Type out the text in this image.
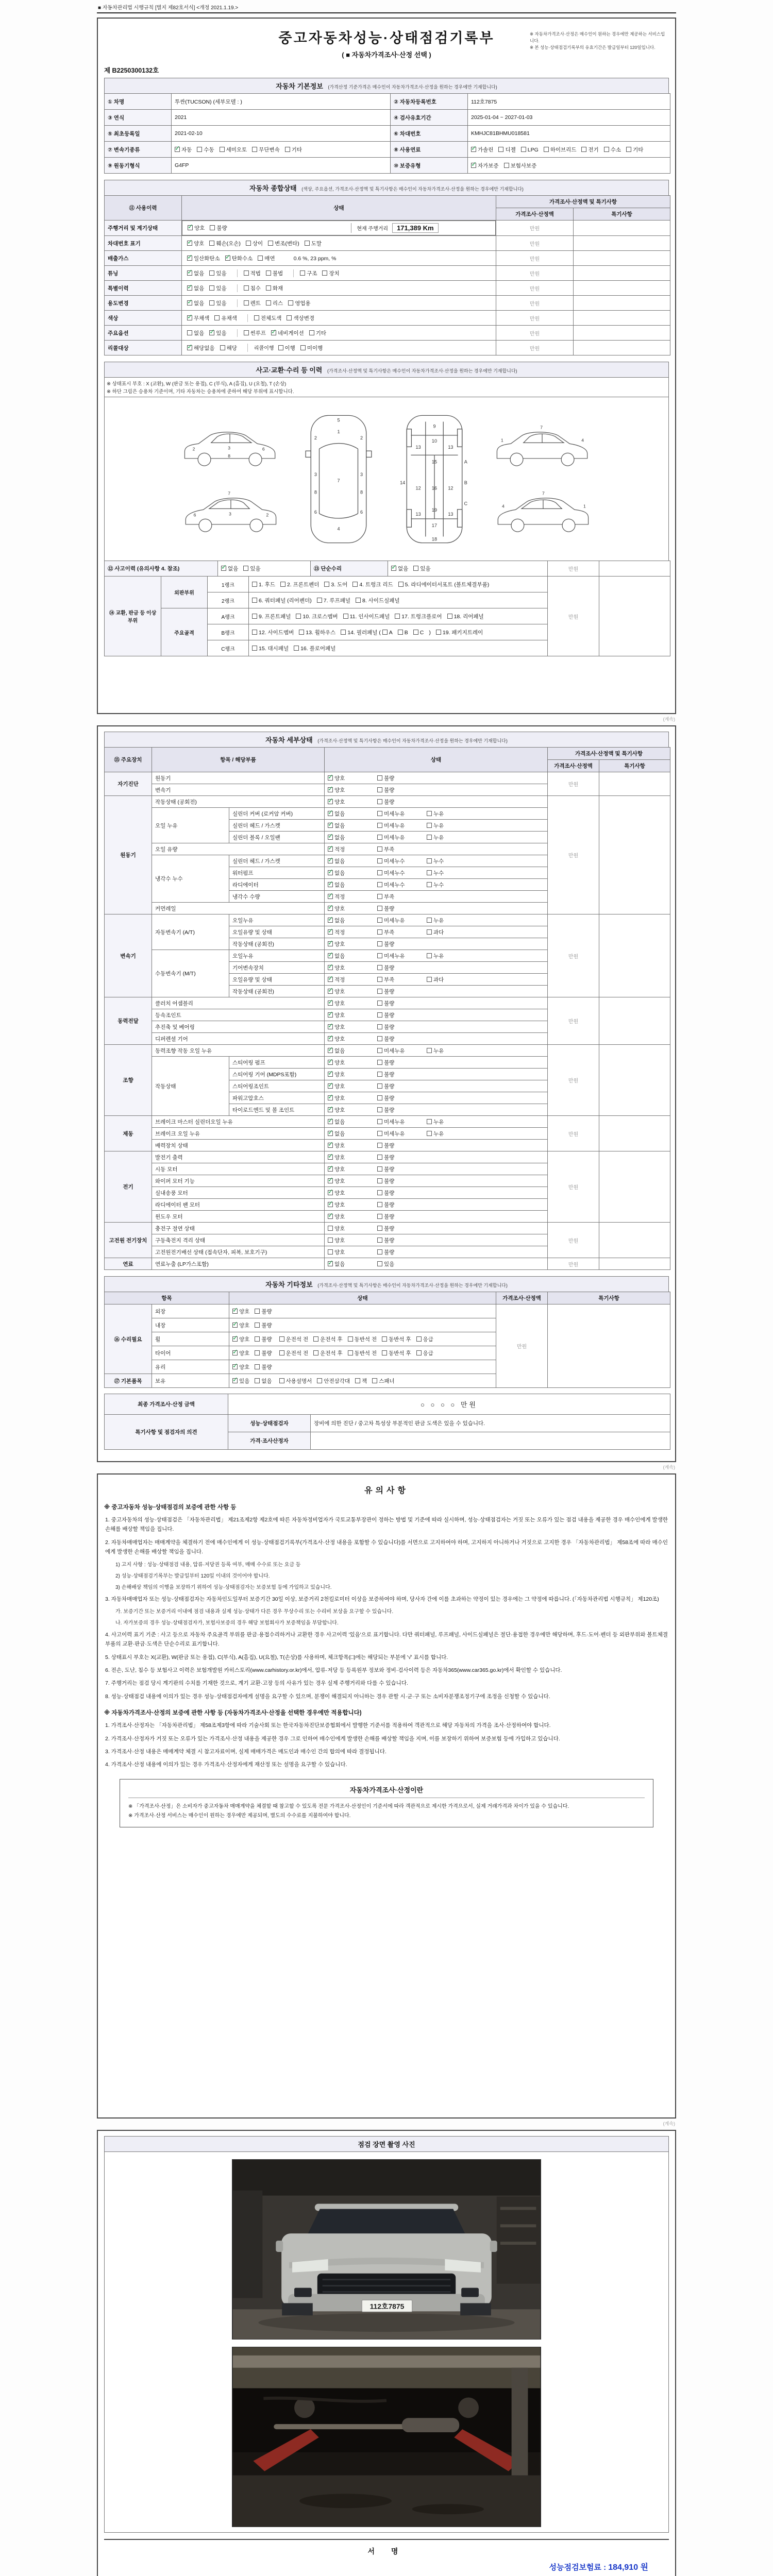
■ 자동차관리법 시행규칙 [별지 제82호서식] <개정 2021.1.19.>
중고자동차성능·상태점검기록부
( ■ 자동차가격조사·산정 선택 )
※ 자동차가격조사·산정은 매수인이 원하는 경우에만 제공하는 서비스입니다.
※ 본 성능·상태점검기록부의 유효기간은 발급일부터 120일입니다.
제 B2250300132호
자동차 기본정보 (가격산정 기준가격은 매수인이 자동차가격조사·산정을 원하는 경우에만 기재합니다)
① 차명	투싼(TUCSON) (세부모델 : )	② 자동차등록번호	112호7875
③ 연식	2021	④ 검사유효기간	2025-01-04 ~ 2027-01-03
⑤ 최초등록일	2021-02-10	⑥ 차대번호	KMHJC81BHMU018581
⑦ 변속기종류	✓자동 수동 세미오토 무단변속 기타	⑧ 사용연료	✓가솔린 디젤 LPG 하이브리드 전기 수소 기타
⑨ 원동기형식	G4FP	⑩ 보증유형	✓자가보증 보험사보증
자동차 종합상태 (색상, 주요옵션, 가격조사·산정액 및 특기사항은 매수인이 자동차가격조사·산정을 원하는 경우에만 기재합니다)
⑪ 사용이력	상태	가격조사·산정액 및 특기사항	
		가격조사·산정액	특기사항
주행거리 및 계기상태	✓	양호 불량	현재 주행거리 171,389 Km	만원	
차대번호 표기	✓양호 훼손(오손) 상이 변조(변타) 도말	만원	
배출가스	✓일산화탄소 ✓ 탄화수소 매연 0.6 %, 23 ppm, %	만원	
튜닝	✓없음 있음 적법 불법 구조 장치	만원	
특별이력	✓없음 있음 침수 화재	만원	
용도변경	✓없음 있음 렌트 리스 영업용	만원	
색상	✓무채색 유채색 전체도색 색상변경	만원	
주요옵션	없음 ✓ 있음 썬루프 ✓ 네비게이션 기타	만원	
리콜대상	✓해당없음 해당 리콜이행 이행 미이행	만원	
사고·교환·수리 등 이력 (가격조사·산정액 및 특기사항은 매수인이 자동차가격조사·산정을 원하는 경우에만 기재합니다)
※ 상태표시 부호 : X (교환), W (판금 또는 용접), C (부식), A (흠집), U (요철), T (손상)
※ 하단 그림은 승용차 기준이며, 기타 자동차는 승용차에 준하여 해당 부위에 표시합니다.
2	3	6
8
2
3
6
7
1
7
4
2	2
3	3
8	8
6	6
5
9
10
13	13
15
12	12
16
13	13
17
18
A
B
C
19
14
1
7
4
1
7
4
⑫ 사고이력 (유의사항 4. 참조)	✓없음 있음	⑬ 단순수리	✓없음 있음	만원	
⑭ 교환, 판금 등 이상 부위	외판부위	1랭크	1. 후드 2. 프론트펜더 3. 도어 4. 트렁크 리드 5. 라디에이터서포트 (볼트체결부품)	만원	
		2랭크	6. 쿼터패널 (리어펜더) 7. 루프패널 8. 사이드실패널		
	주요골격	A랭크	9. 프론트패널 10. 크로스멤버 11. 인사이드패널 17. 트렁크플로어 18. 리어패널		
		B랭크	12. 사이드멤버 13. 휠하우스 14. 필러패널 ( A B C ) 19. 패키지트레이		
		C랭크	15. 대시패널 16. 플로어패널		
(계속)
자동차 세부상태 (가격조사·산정액 및 특기사항은 매수인이 자동차가격조사·산정을 원하는 경우에만 기재합니다)
⑮ 주요장치	항목 / 해당부품		상태	가격조사·산정액 및 특기사항	
				가격조사·산정액	특기사항
자기진단	원동기	✓양호 불량	만원	
	변속기	✓양호 불량
원동기	작동상태 (공회전)	✓양호 불량	만원	
	오일 누유	실린더 커버 (로커암 커버)	✓없음 미세누유 누유
		실린더 헤드 / 가스켓	✓없음 미세누유 누유
		실린더 블록 / 오일팬	✓없음 미세누유 누유
	오일 유량	✓적정 부족
	냉각수 누수	실린더 헤드 / 가스켓	✓없음 미세누수 누수
		워터펌프	✓없음 미세누수 누수
		라디에이터	✓없음 미세누수 누수
		냉각수 수량	✓적정 부족
	커먼레일	✓양호 불량
변속기	자동변속기 (A/T)	오일누유	✓없음 미세누유 누유	만원	
		오일유량 및 상태	✓적정 부족 과다
		작동상태 (공회전)	✓양호 불량
	수동변속기 (M/T)	오일누유	✓없음 미세누유 누유
		기어변속장치	✓양호 불량
		오일유량 및 상태	✓적정 부족 과다
		작동상태 (공회전)	✓양호 불량
동력전달	클러치 어셈블리	✓양호 불량	만원	
	등속조인트	✓양호 불량
	추진축 및 베어링	✓양호 불량
	디퍼렌셜 기어	✓양호 불량
조향	동력조향 작동 오일 누유	✓없음 미세누유 누유	만원	
	작동상태	스티어링 펌프	✓양호 불량
		스티어링 기어 (MDPS포함)	✓양호 불량
		스티어링조인트	✓양호 불량
		파워고압호스	✓양호 불량
		타이로드엔드 및 볼 조인트	✓양호 불량
제동	브레이크 마스터 실린더오일 누유	✓없음 미세누유 누유	만원	
	브레이크 오일 누유	✓없음 미세누유 누유
	배력장치 상태	✓양호 불량
전기	발전기 출력	✓양호 불량	만원	
	시동 모터	✓양호 불량
	와이퍼 모터 기능	✓양호 불량
	실내송풍 모터	✓양호 불량
	라디에이터 팬 모터	✓양호 불량
	윈도우 모터	✓양호 불량
고전원 전기장치	충전구 절연 상태		양호 불량	만원	
	구동축전지 격리 상태		양호 불량		
	고전원전기배선 상태 (접속단자, 피복, 보호기구)		양호 불량		
연료	연료누출 (LP가스포함)	✓없음 있음	만원	
자동차 기타정보 (가격조사·산정액 및 특기사항은 매수인이 자동차가격조사·산정을 원하는 경우에만 기재합니다)
항목		상태	가격조사·산정액	특기사항
⑯ 수리필요	외장	✓양호 불량	만원	
	내장	✓양호 불량
	휠	✓양호 불량 운전석 전 운전석 후 동반석 전 동반석 후 응급
	타이어	✓양호 불량 운전석 전 운전석 후 동반석 전 동반석 후 응급
	유리	✓양호 불량
⑰ 기본품목	보유	✓있음 없음 사용설명서 안전삼각대 잭 스패너
최종 가격조사·산정 금액	○ ○ ○ ○ 만원	
특기사항 및 점검자의 의견	성능·상태점검자	장비에 의한 진단 / 중고차 특성상 부분적인 판금 도색은 있을 수 있습니다.
	가격·조사산정자	
(계속)
유의사항
※ 중고자동차 성능·상태점검의 보증에 관한 사항 등
1. 중고자동차의 성능·상태점검은 「자동차관리법」 제21조제2항 제2호에 따른 자동차정비업자가 국토교통부장관이 정하는 방법 및 기준에 따라 실시하며, 성능·상태점검자는 거짓 또는 오류가 있는 점검 내용을 제공한 경우 매수인에게 발생한 손해를 배상할 책임을 집니다.
2. 자동차매매업자는 매매계약을 체결하기 전에 매수인에게 이 성능·상태점검기록부(가격조사·산정 내용을 포함할 수 있습니다)를 서면으로 고지하여야 하며, 고지하지 아니하거나 거짓으로 고지한 경우 「자동차관리법」 제58조에 따라 매수인에게 발생한 손해를 배상할 책임을 집니다.
1) 고지 사항 : 성능·상태점검 내용, 압류·저당권 등록 여부, 매매 수수료 또는 요금 등
2) 성능·상태점검기록부는 발급일부터 120일 이내의 것이어야 합니다.
3) 손해배상 책임의 이행을 보장하기 위하여 성능·상태점검자는 보증보험 등에 가입하고 있습니다.
3. 자동차매매업자 또는 성능·상태점검자는 자동차인도일부터 보증기간 30일 이상, 보증거리 2천킬로미터 이상을 보증하여야 하며, 당사자 간에 이를 초과하는 약정이 있는 경우에는 그 약정에 따릅니다. (「자동차관리법 시행규칙」 제120조)
가. 보증기간 또는 보증거리 이내에 점검 내용과 실제 성능·상태가 다른 경우 무상수리 또는 수리비 보상을 요구할 수 있습니다.
나. 자가보증의 경우 성능·상태점검자가, 보험사보증의 경우 해당 보험회사가 보증책임을 부담합니다.
4. 사고이력 표기 기준 : 사고 등으로 자동차 주요골격 부위를 판금·용접수리하거나 교환한 경우 사고이력 '있음'으로 표기합니다. 다만 쿼터패널, 루프패널, 사이드실패널은 절단·용접한 경우에만 해당하며, 후드·도어·펜더 등 외판부위와 볼트체결부품의 교환·판금·도색은 단순수리로 표기합니다.
5. 상태표시 부호는 X(교환), W(판금 또는 용접), C(부식), A(흠집), U(요철), T(손상)를 사용하며, 체크항목(□)에는 해당되는 부분에 '√' 표시를 합니다.
6. 전손, 도난, 침수 등 보험사고 이력은 보험개발원 카히스토리(www.carhistory.or.kr)에서, 압류·저당 등 등록원부 정보와 정비·검사이력 등은 자동차365(www.car365.go.kr)에서 확인할 수 있습니다.
7. 주행거리는 점검 당시 계기판의 수치를 기재한 것으로, 계기 교환·고장 등의 사유가 있는 경우 실제 주행거리와 다를 수 있습니다.
8. 성능·상태점검 내용에 이의가 있는 경우 성능·상태점검자에게 설명을 요구할 수 있으며, 분쟁이 해결되지 아니하는 경우 관할 시·군·구 또는 소비자분쟁조정기구에 조정을 신청할 수 있습니다.
※ 자동차가격조사·산정의 보증에 관한 사항 등 (자동차가격조사·산정을 선택한 경우에만 적용합니다)
1. 가격조사·산정자는 「자동차관리법」 제58조제3항에 따라 기술사회 또는 한국자동차진단보증협회에서 발행한 기준서를 적용하여 객관적으로 해당 자동차의 가격을 조사·산정하여야 합니다.
2. 가격조사·산정자가 거짓 또는 오류가 있는 가격조사·산정 내용을 제공한 경우 그로 인하여 매수인에게 발생한 손해를 배상할 책임을 지며, 이를 보장하기 위하여 보증보험 등에 가입하고 있습니다.
3. 가격조사·산정 내용은 매매계약 체결 시 참고자료이며, 실제 매매가격은 매도인과 매수인 간의 합의에 따라 결정됩니다.
4. 가격조사·산정 내용에 이의가 있는 경우 가격조사·산정자에게 재산정 또는 설명을 요구할 수 있습니다.
자동차가격조사·산정이란
※ 「가격조사·산정」은 소비자가 중고자동차 매매계약을 체결할 때 참고할 수 있도록 전문 가격조사·산정인이 기준서에 따라 객관적으로 제시한 가격으로서, 실제 거래가격과 차이가 있을 수 있습니다.
※ 가격조사·산정 서비스는 매수인이 원하는 경우에만 제공되며, 별도의 수수료를 지불하여야 합니다.
(계속)
점검 장면 촬영 사진
112호7875
서 명
성능점검보험료 : 184,910 원
